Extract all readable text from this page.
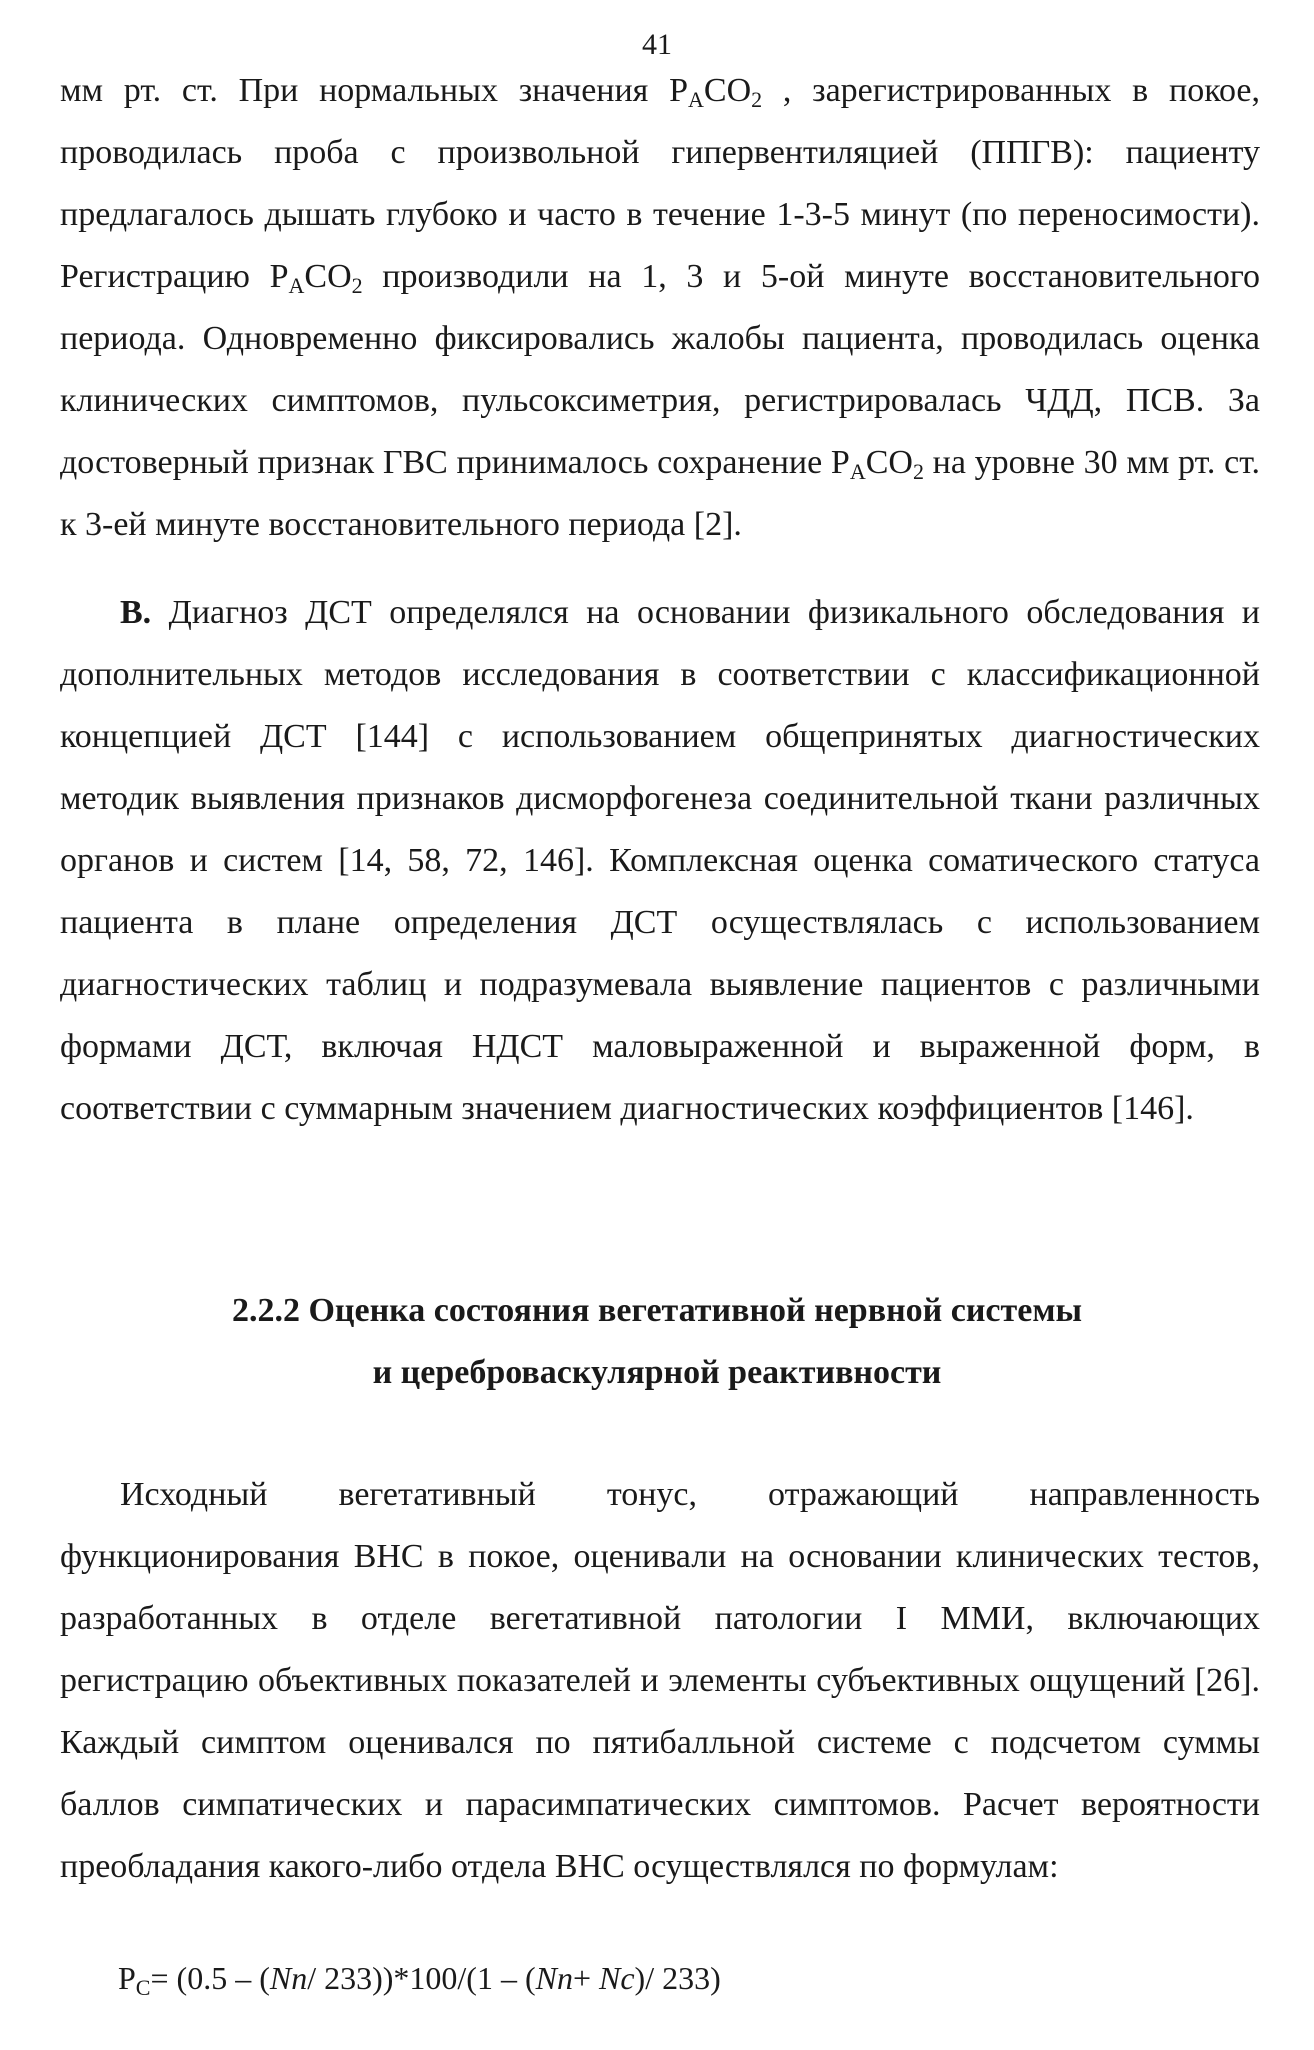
41

мм рт. ст. При нормальных значения $P_ACO_2$ , зарегистрированных в покое, проводилась проба с произвольной гипервентиляцией (ППГВ): пациенту предлагалось дышать глубоко и часто в течение 1-3-5 минут (по переносимости). Регистрацию $P_ACO_2$ производили на 1, 3 и 5-ой минуте восстановительного периода. Одновременно фиксировались жалобы пациента, проводилась оценка клинических симптомов, пульсоксиметрия, регистрировалась ЧДД, ПСВ. За достоверный признак ГВС принималось сохранение $P_ACO_2$ на уровне 30 мм рт. ст. к 3-ей минуте восстановительного периода [2].

В. Диагноз ДСТ определялся на основании физикального обследования и дополнительных методов исследования в соответствии с классификационной концепцией ДСТ [144] с использованием общепринятых диагностических методик выявления признаков дисморфогенеза соединительной ткани различных органов и систем [14, 58, 72, 146]. Комплексная оценка соматического статуса пациента в плане определения ДСТ осуществлялась с использованием диагностических таблиц и подразумевала выявление пациентов с различными формами ДСТ, включая НДСТ маловыраженной и выраженной форм, в соответствии с суммарным значением диагностических коэффициентов [146].

2.2.2 Оценка состояния вегетативной нервной системы
и цереброваскулярной реактивности

Исходный вегетативный тонус, отражающий направленность функционирования ВНС в покое, оценивали на основании клинических тестов, разработанных в отделе вегетативной патологии I ММИ, включающих регистрацию объективных показателей и элементы субъективных ощущений [26]. Каждый симптом оценивался по пятибалльной системе с подсчетом суммы баллов симпатических и парасимпатических симптомов. Расчет вероятности преобладания какого-либо отдела ВНС осуществлялся по формулам:

$P_C= (0.5 - (Nп/$ 233))*100/(1 – (Nп+ Nc)/ 233)
